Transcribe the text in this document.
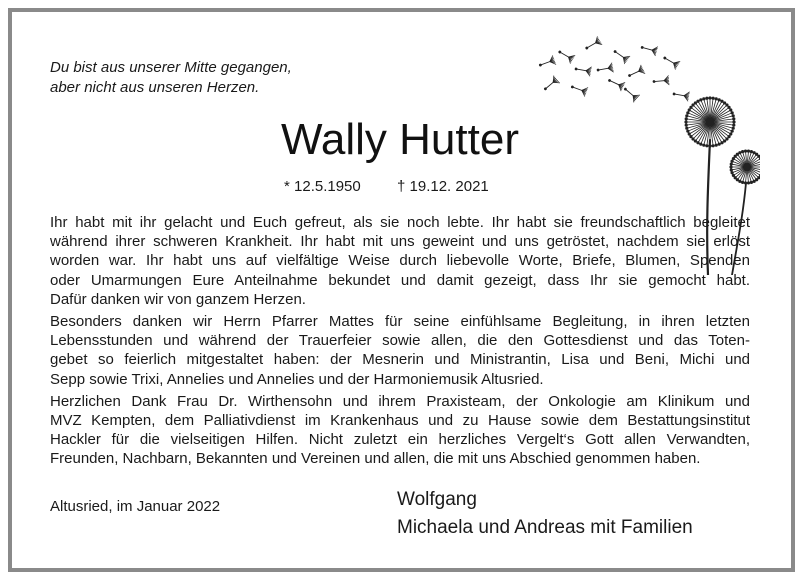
Du bist aus unserer Mitte gegangen,
aber nicht aus unseren Herzen.
Wally Hutter
* 12.5.1950 † 19.12. 2021

Ihr habt mit ihr gelacht und Euch gefreut, als sie noch lebte. Ihr habt sie freundschaftlich begleitet
während ihrer schweren Krankheit. Ihr habt mit uns geweint und uns getröstet, nachdem sie erlöst
worden war. Ihr habt uns auf vielfältige Weise durch liebevolle Worte, Briefe, Blumen, Spenden
oder Umarmungen Eure Anteilnahme bekundet und damit gezeigt, dass Ihr sie gemocht habt.
Dafür danken wir von ganzem Herzen.

Besonders danken wir Herrn Pfarrer Mattes für seine einfühlsame Begleitung, in ihren letzten
Lebensstunden und während der Trauerfeier sowie allen, die den Gottesdienst und das Toten-
gebet so feierlich mitgestaltet haben: der Mesnerin und Ministrantin, Lisa und Beni, Michi und
Sepp sowie Trixi, Annelies und Annelies und der Harmoniemusik Altusried.

Herzlichen Dank Frau Dr. Wirthensohn und ihrem Praxisteam, der Onkologie am Klinikum und
MVZ Kempten, dem Palliativdienst im Krankenhaus und zu Hause sowie dem Bestattungsinstitut
Hackler für die vielseitigen Hilfen. Nicht zuletzt ein herzliches Vergelt‘s Gott allen Verwandten,
Freunden, Nachbarn, Bekannten und Vereinen und allen, die mit uns Abschied genommen haben.

Altusried, im Januar 2022	Wolfgang
Michaela und Andreas mit Familien
